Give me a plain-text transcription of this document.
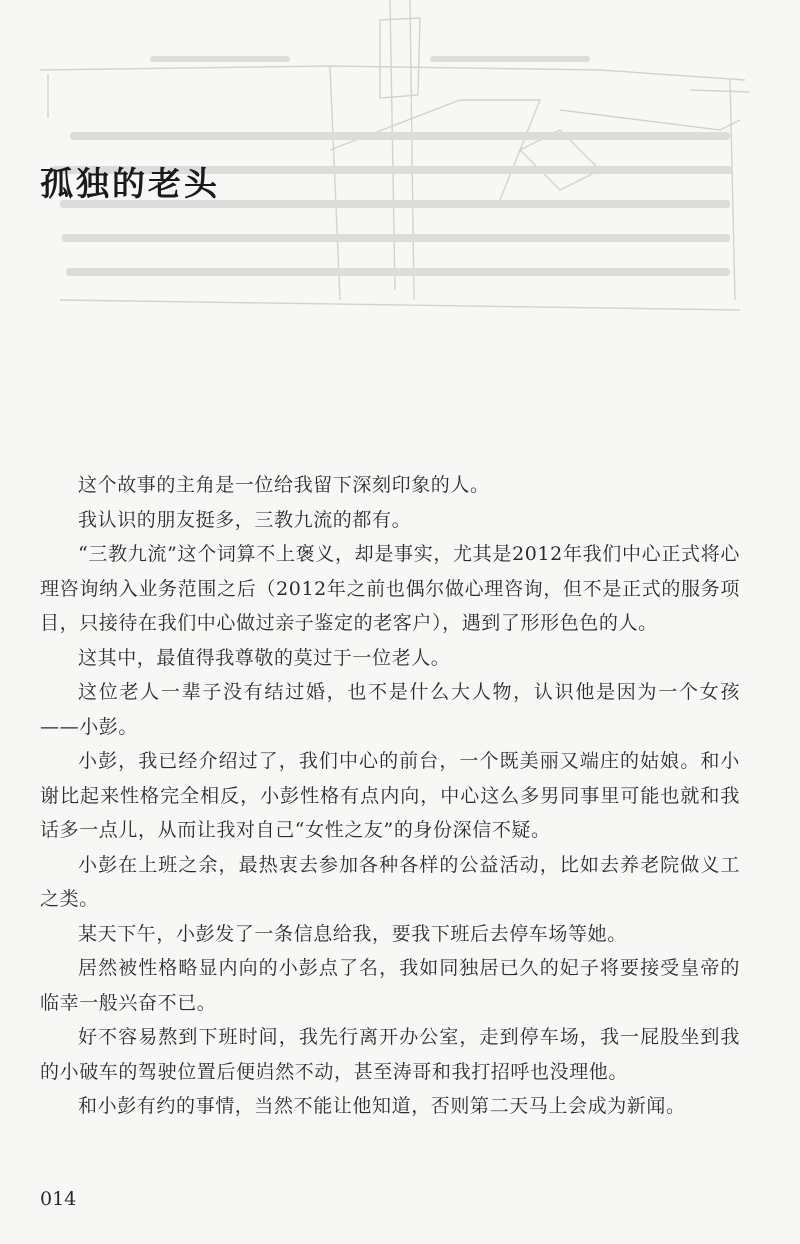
孤独的老头

这个故事的主角是一位给我留下深刻印象的人。

我认识的朋友挺多，三教九流的都有。

“三教九流”这个词算不上褒义，却是事实，尤其是2012年我们中心正式将心理咨询纳入业务范围之后（2012年之前也偶尔做心理咨询，但不是正式的服务项目，只接待在我们中心做过亲子鉴定的老客户），遇到了形形色色的人。

这其中，最值得我尊敬的莫过于一位老人。

这位老人一辈子没有结过婚，也不是什么大人物，认识他是因为一个女孩——小彭。

小彭，我已经介绍过了，我们中心的前台，一个既美丽又端庄的姑娘。和小谢比起来性格完全相反，小彭性格有点内向，中心这么多男同事里可能也就和我话多一点儿，从而让我对自己“女性之友”的身份深信不疑。

小彭在上班之余，最热衷去参加各种各样的公益活动，比如去养老院做义工之类。

某天下午，小彭发了一条信息给我，要我下班后去停车场等她。

居然被性格略显内向的小彭点了名，我如同独居已久的妃子将要接受皇帝的临幸一般兴奋不已。

好不容易熬到下班时间，我先行离开办公室，走到停车场，我一屁股坐到我的小破车的驾驶位置后便岿然不动，甚至涛哥和我打招呼也没理他。

和小彭有约的事情，当然不能让他知道，否则第二天马上会成为新闻。

014
